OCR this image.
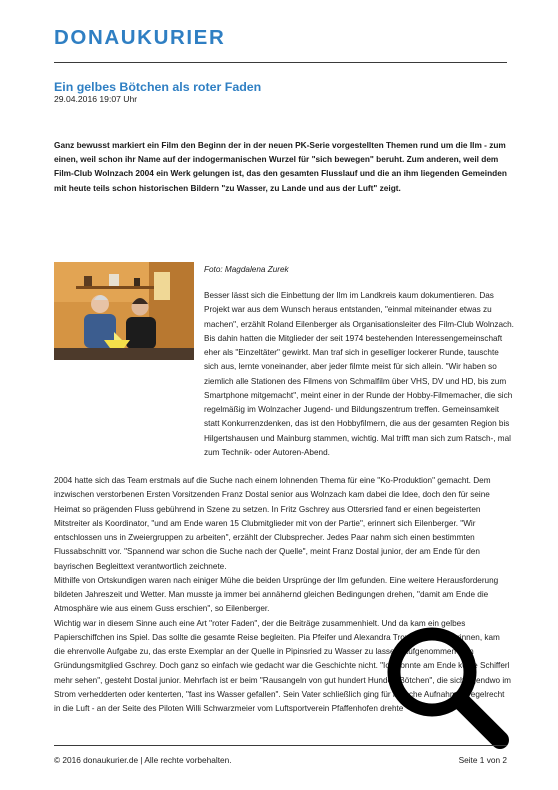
DONAUKURIER
Ein gelbes Bötchen als roter Faden
29.04.2016 19:07 Uhr

Ganz bewusst markiert ein Film den Beginn der in der neuen PK-Serie vorgestellten Themen rund um die Ilm - zum einen, weil schon ihr Name auf der indogermanischen Wurzel für "sich bewegen" beruht. Zum anderen, weil dem Film-Club Wolnzach 2004 ein Werk gelungen ist, das den gesamten Flusslauf und die an ihm liegenden Gemeinden mit heute teils schon historischen Bildern "zu Wasser, zu Lande und aus der Luft" zeigt.

Foto: Magdalena Zurek

Besser lässt sich die Einbettung der Ilm im Landkreis kaum dokumentieren. Das Projekt war aus dem Wunsch heraus entstanden, "einmal miteinander etwas zu machen", erzählt Roland Eilenberger als Organisationsleiter des Film-Club Wolnzach. Bis dahin hatten die Mitglieder der seit 1974 bestehenden Interessengemeinschaft eher als "Einzeltäter" gewirkt. Man traf sich in geselliger lockerer Runde, tauschte sich aus, lernte voneinander, aber jeder filmte meist für sich allein. "Wir haben so ziemlich alle Stationen des Filmens von Schmalfilm über VHS, DV und HD, bis zum Smartphone mitgemacht", meint einer in der Runde der Hobby-Filmemacher, die sich regelmäßig im Wolnzacher Jugend- und Bildungszentrum treffen. Gemeinsamkeit statt Konkurrenzdenken, das ist den Hobbyfilmern, die aus der gesamten Region bis Hilgertshausen und Mainburg stammen, wichtig. Mal trifft man sich zum Ratsch-, mal zum Technik- oder Autoren-Abend.

2004 hatte sich das Team erstmals auf die Suche nach einem lohnenden Thema für eine "Ko-Produktion" gemacht. Dem inzwischen verstorbenen Ersten Vorsitzenden Franz Dostal senior aus Wolnzach kam dabei die Idee, doch den für seine Heimat so prägenden Fluss gebührend in Szene zu setzen. In Fritz Gschrey aus Ottersried fand er einen begeisterten Mitstreiter als Koordinator, "und am Ende waren 15 Clubmitglieder mit von der Partie", erinnert sich Eilenberger. "Wir entschlossen uns in Zweiergruppen zu arbeiten", erzählt der Clubsprecher. Jedes Paar nahm sich einen bestimmten Flussabschnitt vor. "Spannend war schon die Suche nach der Quelle", meint Franz Dostal junior, der am Ende für den bayrischen Begleittext verantwortlich zeichnete.
Mithilfe von Ortskundigen waren nach einiger Mühe die beiden Ursprünge der Ilm gefunden. Eine weitere Herausforderung bildeten Jahreszeit und Wetter. Man musste ja immer bei annähernd gleichen Bedingungen drehen, "damit am Ende die Atmosphäre wie aus einem Guss erschien", so Eilenberger.
Wichtig war in diesem Sinne auch eine Art "roter Faden", der die Beiträge zusammenhielt. Und da kam ein gelbes Papierschiffchen ins Spiel. Das sollte die gesamte Reise begleiten. Pia Pfeifer und Alexandra Trox, zwei Schülerinnen, kam die ehrenvolle Aufgabe zu, das erste Exemplar an der Quelle in Pipinsried zu Wasser zu lassen, aufgenommen vom Gründungsmitglied Gschrey. Doch ganz so einfach wie gedacht war die Geschichte nicht. "Ich konnte am Ende keine Schifferl mehr sehen", gesteht Dostal junior. Mehrfach ist er beim "Rausangeln von gut hundert Hundert Bötchen", die sich irgendwo im Strom verhedderten oder kenterten, "fast ins Wasser gefallen". Sein Vater schließlich ging für manche Aufnahmen regelrecht in die Luft - an der Seite des Piloten Willi Schwarzmeier vom Luftsportverein Pfaffenhofen drehte
© 2016 donaukurier.de | Alle rechte vorbehalten.	Seite 1 von 2
